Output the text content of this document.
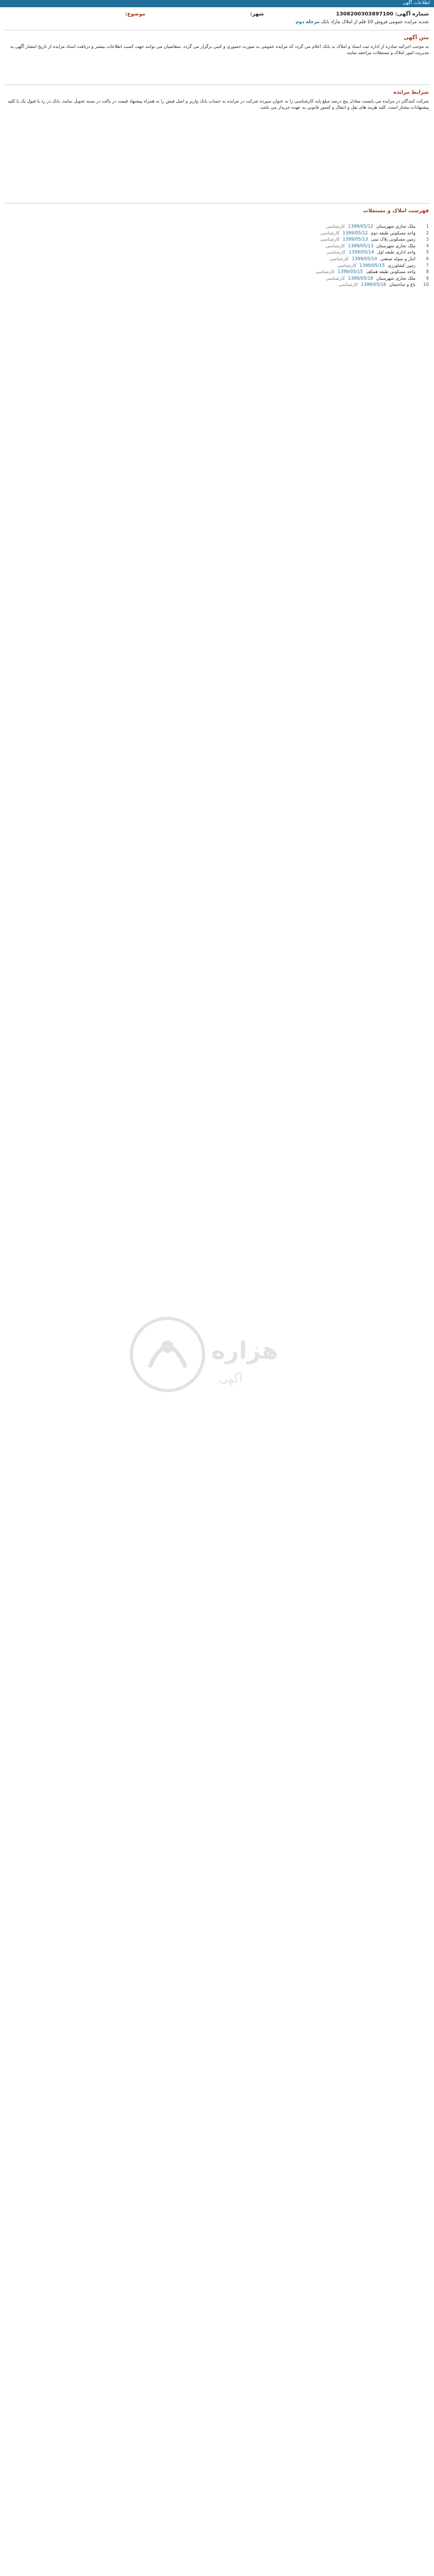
اطلاعات آگهی
شماره آگهی: 1308200303897100
شهر:
موضوع:
تجدید مزایده عمومی فروش 10 قلم از املاک مازاد بانک مرحله دوم
متن آگهی
به موجب اجرائیه صادره از اداره ثبت اسناد و املاک به بانک اعلام می گردد که مزایده عمومی به صورت حضوری و کتبی برگزار می گردد. متقاضیان می توانند جهت کسب اطلاعات بیشتر و دریافت اسناد مزایده از تاریخ انتشار آگهی به مدیریت امور املاک و مستغلات مراجعه نمایند.
شرایط مزایده
شرکت کنندگان در مزایده می بایست معادل پنج درصد مبلغ پایه کارشناسی را به عنوان سپرده شرکت در مزایده به حساب بانک واریز و اصل فیش را به همراه پیشنهاد قیمت در پاکت در بسته تحویل نمایند. بانک در رد یا قبول یک یا کلیه پیشنهادات مختار است. کلیه هزینه های نقل و انتقال و کسور قانونی به عهده خریدار می باشد.
فهرست املاک و مستغلات
1ملک تجاری شهرستان1399/05/12کارشناسی
2واحد مسکونی طبقه دوم1399/05/12کارشناسی
3زمین مسکونی پلاک ثبتی1399/05/13کارشناسی
4ملک تجاری شهرستان1399/05/13کارشناسی
5واحد اداری طبقه اول1399/05/14کارشناسی
6انبار و سوله صنعتی1399/05/14کارشناسی
7زمین کشاورزی1399/05/15کارشناسی
8واحد مسکونی طبقه همکف1399/05/15کارشناسی
9ملک تجاری شهرستان1399/05/16کارشناسی
10باغ و ساختمان1399/05/16کارشناسی
هزاره
آگهی
